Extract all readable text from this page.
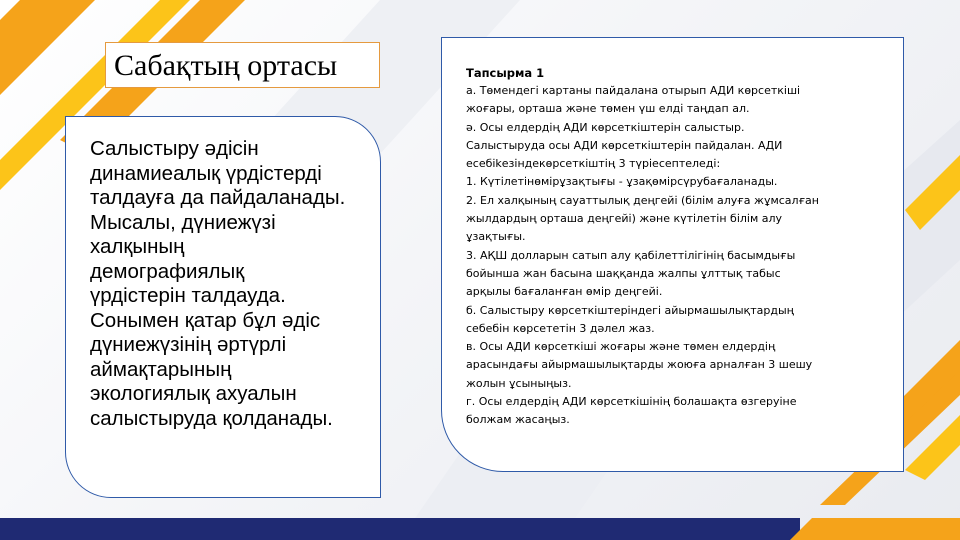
Сабақтың ортасы
Салыстыру әдісін
динамиеалық үрдістерді
талдауға да пайдаланады.
Мысалы, дүниежүзі
халқының
демографиялық
үрдістерін талдауда.
Сонымен қатар бұл әдіс
дүниежүзінің әртүрлі
аймақтарының
экологиялық ахуалын
салыстыруда қолданады.
Тапсырма 1
а. Төмендегі картаны пайдалана отырып АДИ көрсеткіші
жоғары, орташа және төмен үш елді таңдап ал.
ә. Осы елдердің АДИ көрсеткіштерін салыстыр.
Салыстыруда осы АДИ көрсеткіштерін пайдалан. АДИ
есебіkезіндекөрсеткіштің 3 түріесептеледі:
1. Күтілетінөмірұзақтығы - ұзақөмірсүрубағаланады.
2. Ел халқының сауаттылық деңгейі (білім алуға жұмсалған
жылдардың орташа деңгейі) және күтілетін білім алу
ұзақтығы.
3. АҚШ долларын сатып алу қабілеттілігінің басымдығы
бойынша жан басына шаққанда жалпы ұлттық табыс
арқылы бағаланған өмір деңгейі.
б. Салыстыру көрсеткіштеріндегі айырмашылықтардың
себебін көрсететін 3 дәлел жаз.
в. Осы АДИ көрсеткіші жоғары және төмен елдердің
арасындағы айырмашылықтарды жоюға арналған 3 шешу
жолын ұсыныңыз.
г. Осы елдердің АДИ көрсеткішінің болашақта өзгеруіне
болжам жасаңыз.
